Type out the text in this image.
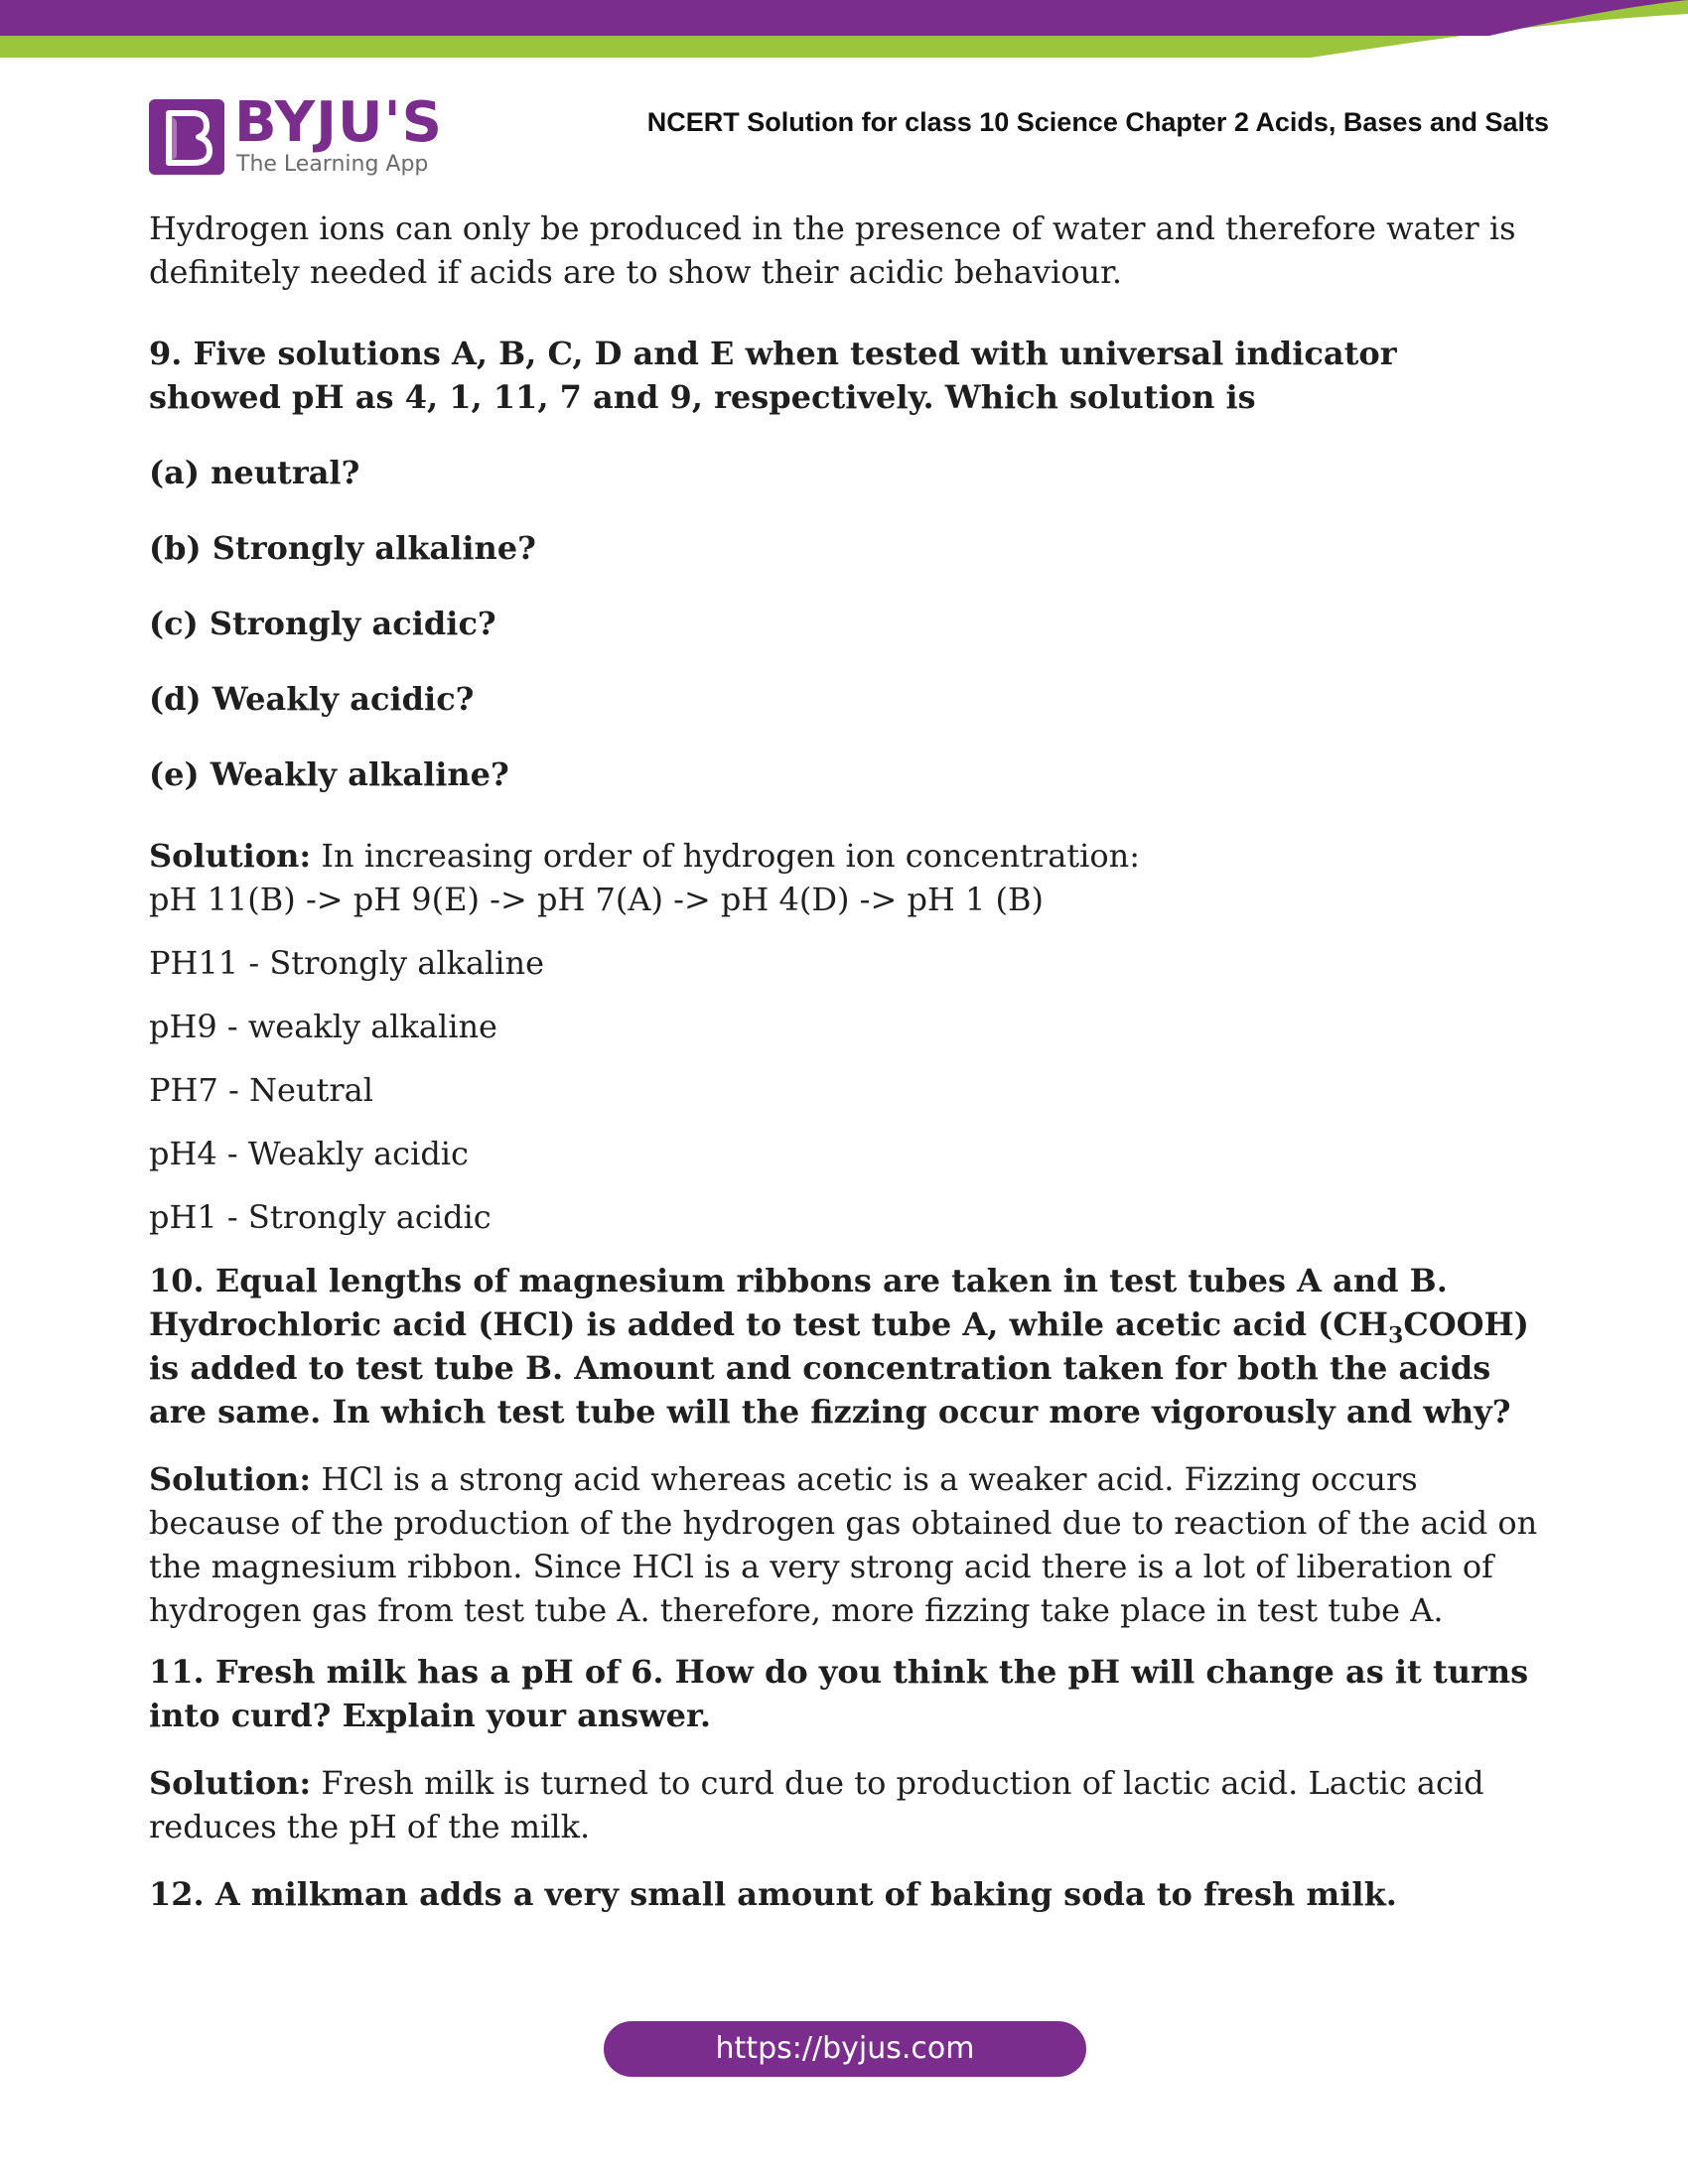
BYJU'S
The Learning App
NCERT Solution for class 10 Science Chapter 2 Acids, Bases and Salts

Hydrogen ions can only be produced in the presence of water and therefore water is definitely needed if acids are to show their acidic behaviour.

9. Five solutions A, B, C, D and E when tested with universal indicator showed pH as 4, 1, 11, 7 and 9, respectively. Which solution is

(a) neutral?

(b) Strongly alkaline?

(c) Strongly acidic?

(d) Weakly acidic?

(e) Weakly alkaline?

Solution: In increasing order of hydrogen ion concentration:

pH 11(B) -> pH 9(E) -> pH 7(A) -> pH 4(D) -> pH 1 (B)

PH11 - Strongly alkaline

pH9 - weakly alkaline

PH7 - Neutral

pH4 - Weakly acidic

pH1 - Strongly acidic

10. Equal lengths of magnesium ribbons are taken in test tubes A and B. Hydrochloric acid (HCl) is added to test tube A, while acetic acid $(CH_3COOH)$ is added to test tube B. Amount and concentration taken for both the acids are same. In which test tube will the fizzing occur more vigorously and why?

Solution: HCl is a strong acid whereas acetic is a weaker acid. Fizzing occurs because of the production of the hydrogen gas obtained due to reaction of the acid on the magnesium ribbon. Since HCl is a very strong acid there is a lot of liberation of hydrogen gas from test tube A. therefore, more fizzing take place in test tube A.

11. Fresh milk has a pH of 6. How do you think the pH will change as it turns into curd? Explain your answer.

Solution: Fresh milk is turned to curd due to production of lactic acid. Lactic acid reduces the pH of the milk.

12. A milkman adds a very small amount of baking soda to fresh milk.

https://byjus.com
